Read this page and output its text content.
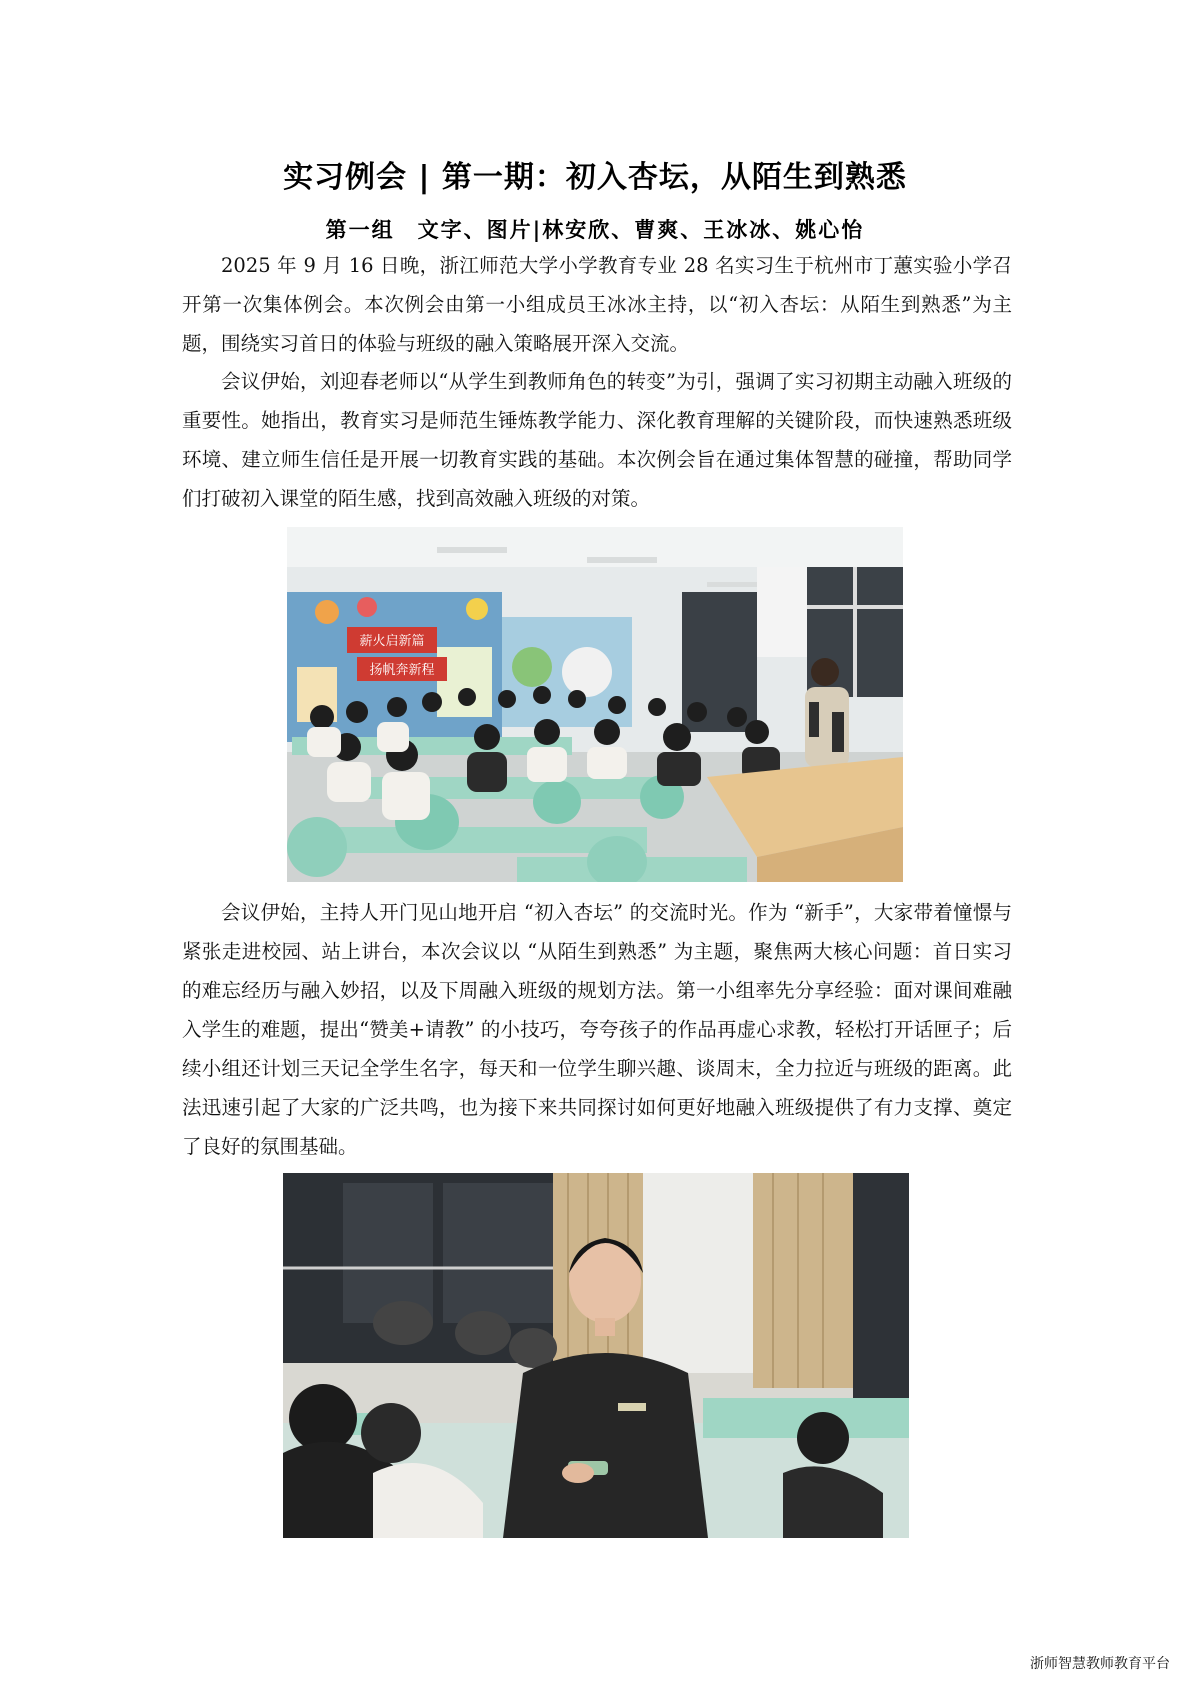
实习例会 | 第一期：初入杏坛，从陌生到熟悉
第一组　文字、图片|林安欣、曹爽、王冰冰、姚心怡

2025 年 9 月 16 日晚，浙江师范大学小学教育专业 28 名实习生于杭州市丁蕙实验小学召开第一次集体例会。本次例会由第一小组成员王冰冰主持，以“初入杏坛：从陌生到熟悉”为主题，围绕实习首日的体验与班级的融入策略展开深入交流。

会议伊始，刘迎春老师以“从学生到教师角色的转变”为引，强调了实习初期主动融入班级的重要性。她指出，教育实习是师范生锤炼教学能力、深化教育理解的关键阶段，而快速熟悉班级环境、建立师生信任是开展一切教育实践的基础。本次例会旨在通过集体智慧的碰撞，帮助同学们打破初入课堂的陌生感，找到高效融入班级的对策。

薪火启新篇
扬帆奔新程

会议伊始，主持人开门见山地开启 “初入杏坛” 的交流时光。作为 “新手”，大家带着憧憬与紧张走进校园、站上讲台，本次会议以 “从陌生到熟悉” 为主题，聚焦两大核心问题：首日实习的难忘经历与融入妙招，以及下周融入班级的规划方法。第一小组率先分享经验：面对课间难融入学生的难题，提出“赞美+请教” 的小技巧，夸夸孩子的作品再虚心求教，轻松打开话匣子；后续小组还计划三天记全学生名字，每天和一位学生聊兴趣、谈周末，全力拉近与班级的距离。此法迅速引起了大家的广泛共鸣，也为接下来共同探讨如何更好地融入班级提供了有力支撑、奠定了良好的氛围基础。

浙师智慧教师教育平台
